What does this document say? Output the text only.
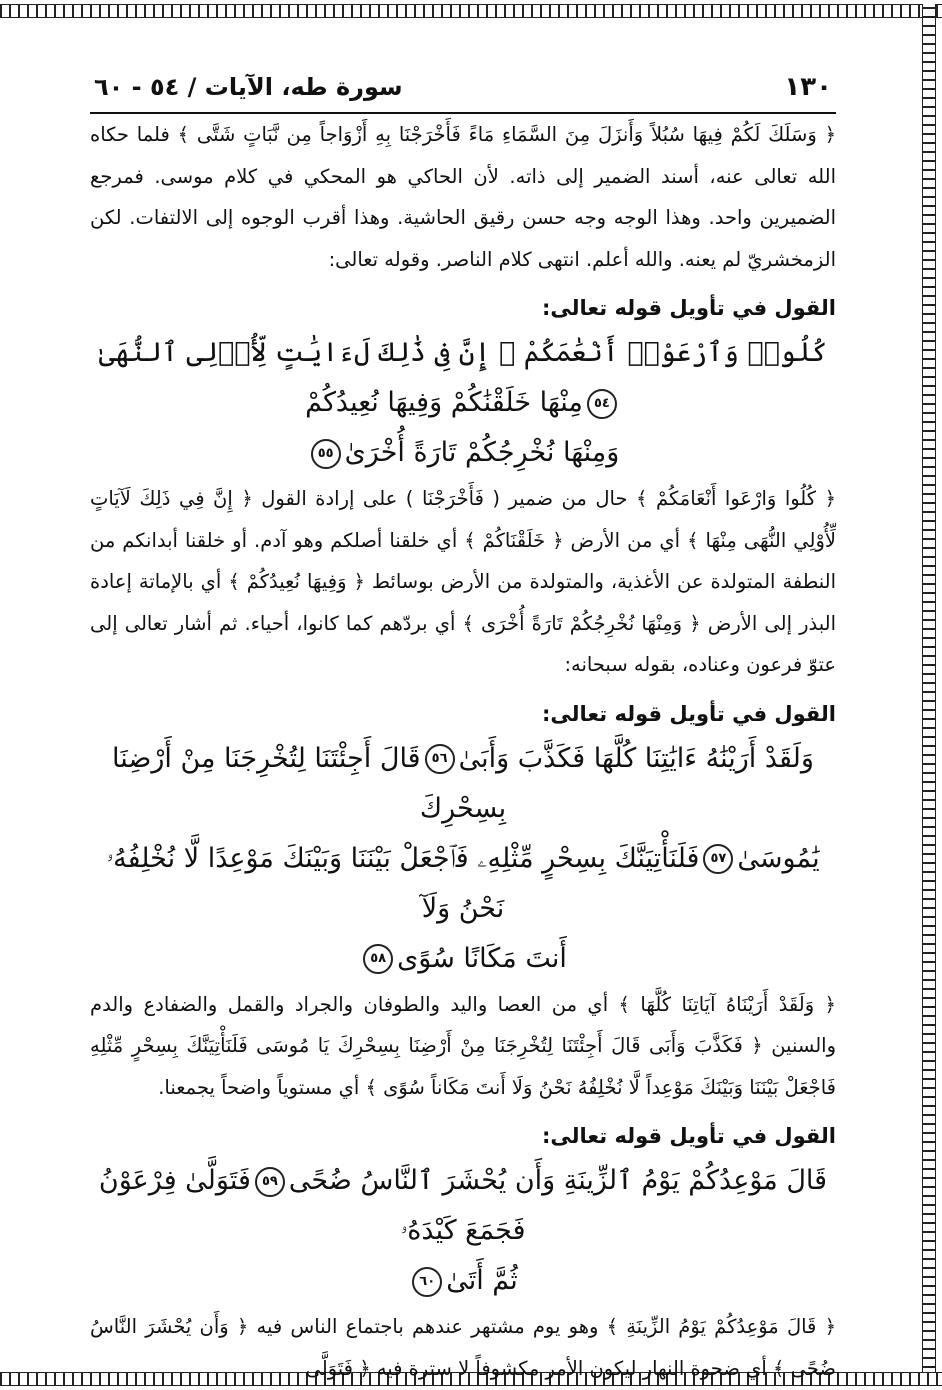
١٣٠
سورة طه، الآيات / ٥٤ - ٦٠

﴿ وَسَلَكَ لَكُمْ فِيهَا سُبُلاً وَأَنزَلَ مِنَ السَّمَاءِ مَاءً فَأَخْرَجْنَا بِهِ أَزْوَاجاً مِن نَّبَاتٍ شَتَّى ﴾ فلما حكاه الله تعالى عنه، أسند الضمير إلى ذاته. لأن الحاكي هو المحكي في كلام موسى. فمرجع الضميرين واحد. وهذا الوجه وجه حسن رقيق الحاشية. وهذا أقرب الوجوه إلى الالتفات. لكن الزمخشريّ لم يعنه. والله أعلم. انتهى كلام الناصر. وقوله تعالى:

القول في تأويل قوله تعالى:

كُلُوا۟ وَٱرْعَوْا۟ أَنْعَٰمَكُمْ ۗ إِنَّ فِى ذَٰلِكَ لَءَايَٰتٍ لِّأُو۟لِى ٱلنُّهَىٰ٥٤مِنْهَا خَلَقْنَٰكُمْ وَفِيهَا نُعِيدُكُمْ

وَمِنْهَا نُخْرِجُكُمْ تَارَةً أُخْرَىٰ٥٥

﴿ كُلُوا وَارْعَوا أَنْعَامَكُمْ ﴾ حال من ضمير ( فَأَخْرَجْنَا ) على إرادة القول ﴿ إِنَّ فِي ذَلِكَ لَآيَاتٍ لِّأُوْلِي النُّهَى مِنْهَا ﴾ أي من الأرض ﴿ خَلَقْنَاكُمْ ﴾ أي خلقنا أصلكم وهو آدم. أو خلقنا أبدانكم من النطفة المتولدة عن الأغذية، والمتولدة من الأرض بوسائط ﴿ وَفِيهَا نُعِيدُكُمْ ﴾ أي بالإماتة إعادة البذر إلى الأرض ﴿ وَمِنْهَا نُخْرِجُكُمْ تَارَةً أُخْرَى ﴾ أي بردّهم كما كانوا، أحياء. ثم أشار تعالى إلى عتوّ فرعون وعناده، بقوله سبحانه:

القول في تأويل قوله تعالى:

وَلَقَدْ أَرَيْنَٰهُ ءَايَٰتِنَا كُلَّهَا فَكَذَّبَ وَأَبَىٰ٥٦قَالَ أَجِئْتَنَا لِتُخْرِجَنَا مِنْ أَرْضِنَا بِسِحْرِكَ

يَٰمُوسَىٰ٥٧فَلَنَأْتِيَنَّكَ بِسِحْرٍ مِّثْلِهِۦ فَٱجْعَلْ بَيْنَنَا وَبَيْنَكَ مَوْعِدًا لَّا نُخْلِفُهُۥ نَحْنُ وَلَآ

أَنتَ مَكَانًا سُوًى٥٨

﴿ وَلَقَدْ أَرَيْنَاهُ آيَاتِنَا كُلَّهَا ﴾ أي من العصا واليد والطوفان والجراد والقمل والضفادع والدم والسنين ﴿ فَكَذَّبَ وَأَبَى قَالَ أَجِئْتَنَا لِتُخْرِجَنَا مِنْ أَرْضِنَا بِسِحْرِكَ يَا مُوسَى فَلَنَأْتِيَنَّكَ بِسِحْرٍ مِّثْلِهِ فَاجْعَلْ بَيْنَنَا وَبَيْنَكَ مَوْعِداً لَّا نُخْلِفُهُ نَحْنُ وَلَا أَنتَ مَكَاناً سُوًى ﴾ أي مستوياً واضحاً يجمعنا.

القول في تأويل قوله تعالى:

قَالَ مَوْعِدُكُمْ يَوْمُ ٱلزِّينَةِ وَأَن يُحْشَرَ ٱلنَّاسُ ضُحًى٥٩فَتَوَلَّىٰ فِرْعَوْنُ فَجَمَعَ كَيْدَهُۥ

ثُمَّ أَتَىٰ٦٠

﴿ قَالَ مَوْعِدُكُمْ يَوْمُ الزِّينَةِ ﴾ وهو يوم مشتهر عندهم باجتماع الناس فيه ﴿ وَأَن يُحْشَرَ النَّاسُ ضُحًى ﴾ أي ضحوة النهار ليكون الأمر مكشوفاً لا سترة فيه ﴿ فَتَوَلَّى
